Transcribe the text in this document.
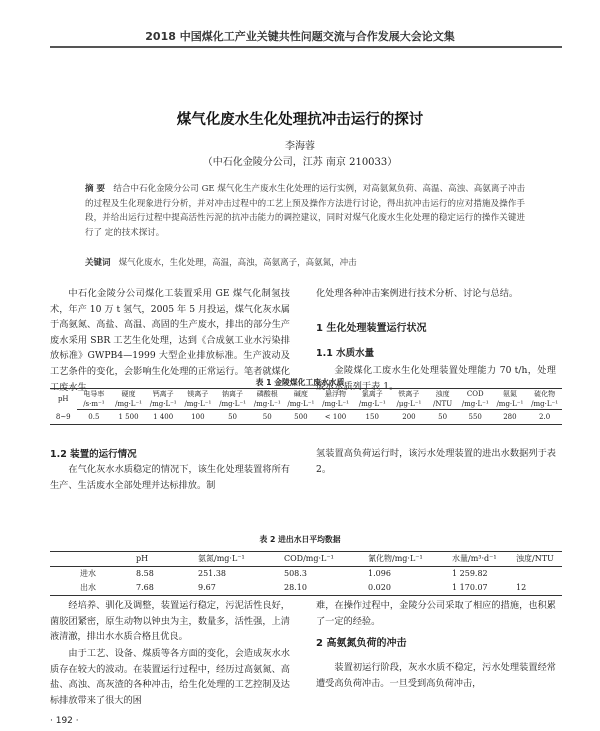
2018 中国煤化工产业关键共性问题交流与合作发展大会论文集
煤气化废水生化处理抗冲击运行的探讨
李海蓉
（中石化金陵分公司，江苏 南京 210033）
摘 要 结合中石化金陵分公司 GE 煤气化生产废水生化处理的运行实例，对高氨氮负荷、高温、高浊、高氨离子冲击的过程及生化现象进行分析，并对冲击过程中的工艺上预及操作方法进行讨论，得出抗冲击运行的应对措施及操作手段，并给出运行过程中提高活性污泥的抗冲击能力的调控建议，同时对煤气化废水生化处理的稳定运行的操作关键进行了 定的技术探讨。
关键词 煤气化废水，生化处理，高温，高浊，高氨离子，高氨氮，冲击
中石化金陵分公司煤化工装置采用 GE 煤气化制氢技术，年产 10 万 t 氢气，2005 年 5 月投运，煤气化灰水属于高氨氮、高盐、高温、高固的生产废水，排出的部分生产废水采用 SBR 工艺生化处理，达到《合成氨工业水污染排放标准》GWPB4—1999 大型企业排放标准。生产波动及工艺条件的变化，会影响生化处理的正常运行。笔者就煤化工废水生
化处理各种冲击案例进行技术分析、讨论与总结。
1 生化处理装置运行状况
1.1 水质水量
金陵煤化工废水生化处理装置处理能力 70 t/h，处理废水水质列于表 1。
表 1 金陵煤化工废水水质
pH	电导率	硬度	钙离子	镁离子	钠离子	磷酸根	碱度	悬浮物	氯离子	铁离子	浊度	COD	氨氮	硫化物
	/s·m⁻¹	/mg·L⁻¹	/mg·L⁻¹	/mg·L⁻¹	/mg·L⁻¹	/mg·L⁻¹	/mg·L⁻¹	/mg·L⁻¹	/mg·L⁻¹	/μg·L⁻¹	/NTU	/mg·L⁻¹	/mg·L⁻¹	/mg·L⁻¹
8~9	0.5	1 500	1 400	100	50	50	500	< 100	150	200	50	550	280	2.0
1.2 装置的运行情况
在气化灰水水质稳定的情况下，该生化处理装置将所有生产、生活废水全部处理并达标排放。制
氢装置高负荷运行时，该污水处理装置的进出水数据列于表 2。
表 2 进出水日平均数据
	pH	氨氮/mg·L⁻¹	COD/mg·L⁻¹	氰化物/mg·L⁻¹	水量/m³·d⁻¹	浊度/NTU
进水	8.58	251.38	508.3	1.096	1 259.82	
出水	7.68	9.67	28.10	0.020	1 170.07	12
经培养、驯化及调整，装置运行稳定，污泥活性良好，菌胶团紧密，原生动物以钟虫为主，数量多，活性强，上清液清澈，排出水水质合格且优良。
由于工艺、设备、煤质等各方面的变化，会造成灰水水质存在较大的波动。在装置运行过程中，经历过高氨氮、高盐、高浊、高灰渣的各种冲击，给生化处理的工艺控制及达标排放带来了很大的困
难，在操作过程中，金陵分公司采取了相应的措施，也积累了一定的经验。
2 高氨氮负荷的冲击
装置初运行阶段，灰水水质不稳定，污水处理装置经常遭受高负荷冲击。一旦受到高负荷冲击，
· 192 ·
